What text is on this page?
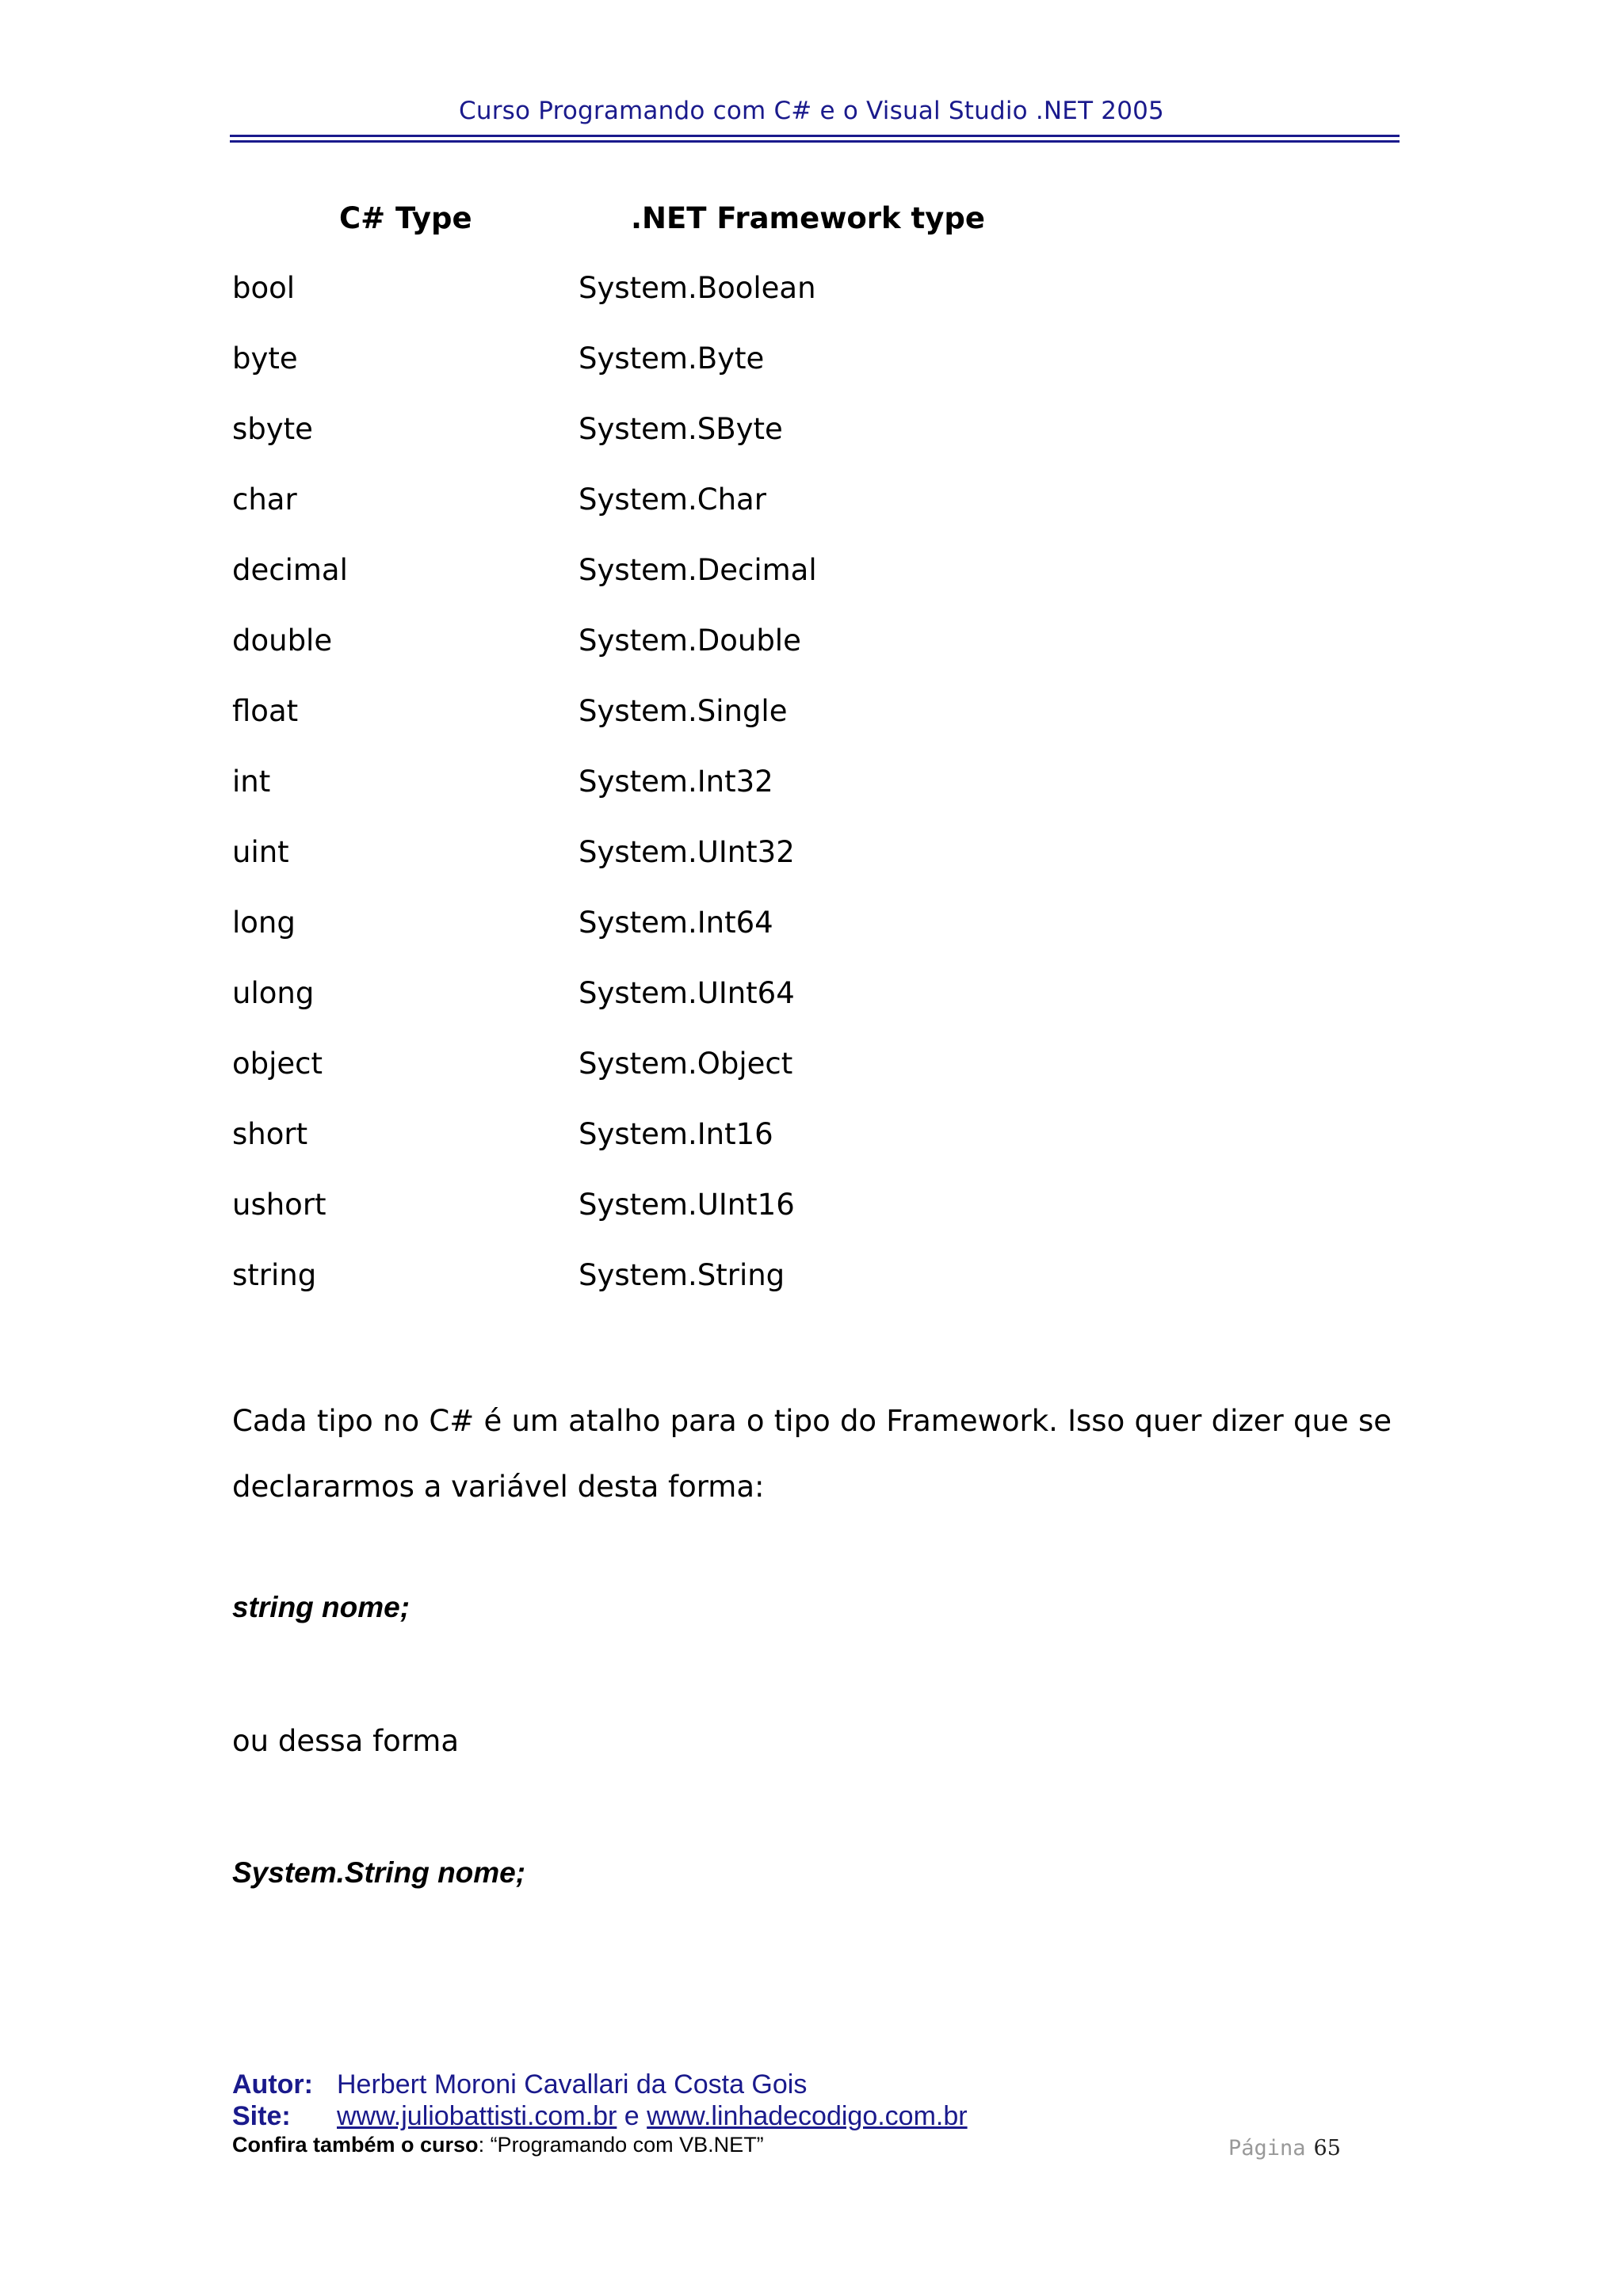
Curso Programando com C# e o Visual Studio .NET 2005
C# Type	.NET Framework type
bool	System.Boolean
byte	System.Byte
sbyte	System.SByte
char	System.Char
decimal	System.Decimal
double	System.Double
float	System.Single
int	System.Int32
uint	System.UInt32
long	System.Int64
ulong	System.UInt64
object	System.Object
short	System.Int16
ushort	System.UInt16
string	System.String
Cada tipo no C# é um atalho para o tipo do Framework. Isso quer dizer que se declararmos a variável desta forma:
string nome;
ou dessa forma
System.String nome;
Autor: Herbert Moroni Cavallari da Costa Gois
Site: www.juliobattisti.com.br e www.linhadecodigo.com.br
Confira também o curso: “Programando com VB.NET”	Página 65
